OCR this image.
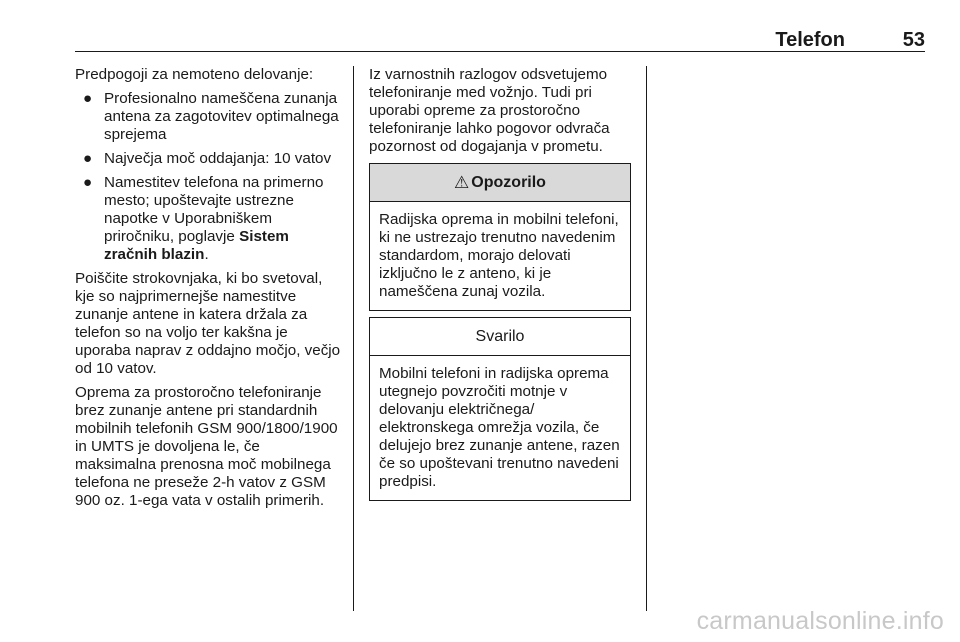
Telefon	53

Predpogoji za nemoteno delovanje:

● Profesionalno nameščena zunanja antena za zagotovitev optimalnega sprejema
● Največja moč oddajanja: 10 vatov
● Namestitev telefona na primerno mesto; upoštevajte ustrezne napotke v Uporabniškem priročniku, poglavje Sistem zračnih blazin.

Poiščite strokovnjaka, ki bo svetoval, kje so najprimernejše namestitve zunanje antene in katera držala za telefon so na voljo ter kakšna je uporaba naprav z oddajno močjo, večjo od 10 vatov.

Oprema za prostoročno telefoniranje brez zunanje antene pri standardnih mobilnih telefonih GSM 900/1800/1900 in UMTS je dovoljena le, če maksimalna prenosna moč mobilnega telefona ne preseže 2-h vatov z GSM 900 oz. 1-ega vata v ostalih primerih.

Iz varnostnih razlogov odsvetujemo telefoniranje med vožnjo. Tudi pri uporabi opreme za prostoročno telefoniranje lahko pogovor odvrača pozornost od dogajanja v prometu.

⚠ Opozorilo
Radijska oprema in mobilni telefoni, ki ne ustrezajo trenutno navedenim standardom, morajo delovati izključno le z anteno, ki je nameščena zunaj vozila.
Svarilo
Mobilni telefoni in radijska oprema utegnejo povzročiti motnje v delovanju električnega/ elektronskega omrežja vozila, če delujejo brez zunanje antene, razen če so upoštevani trenutno navedeni predpisi.
carmanualsonline.info
